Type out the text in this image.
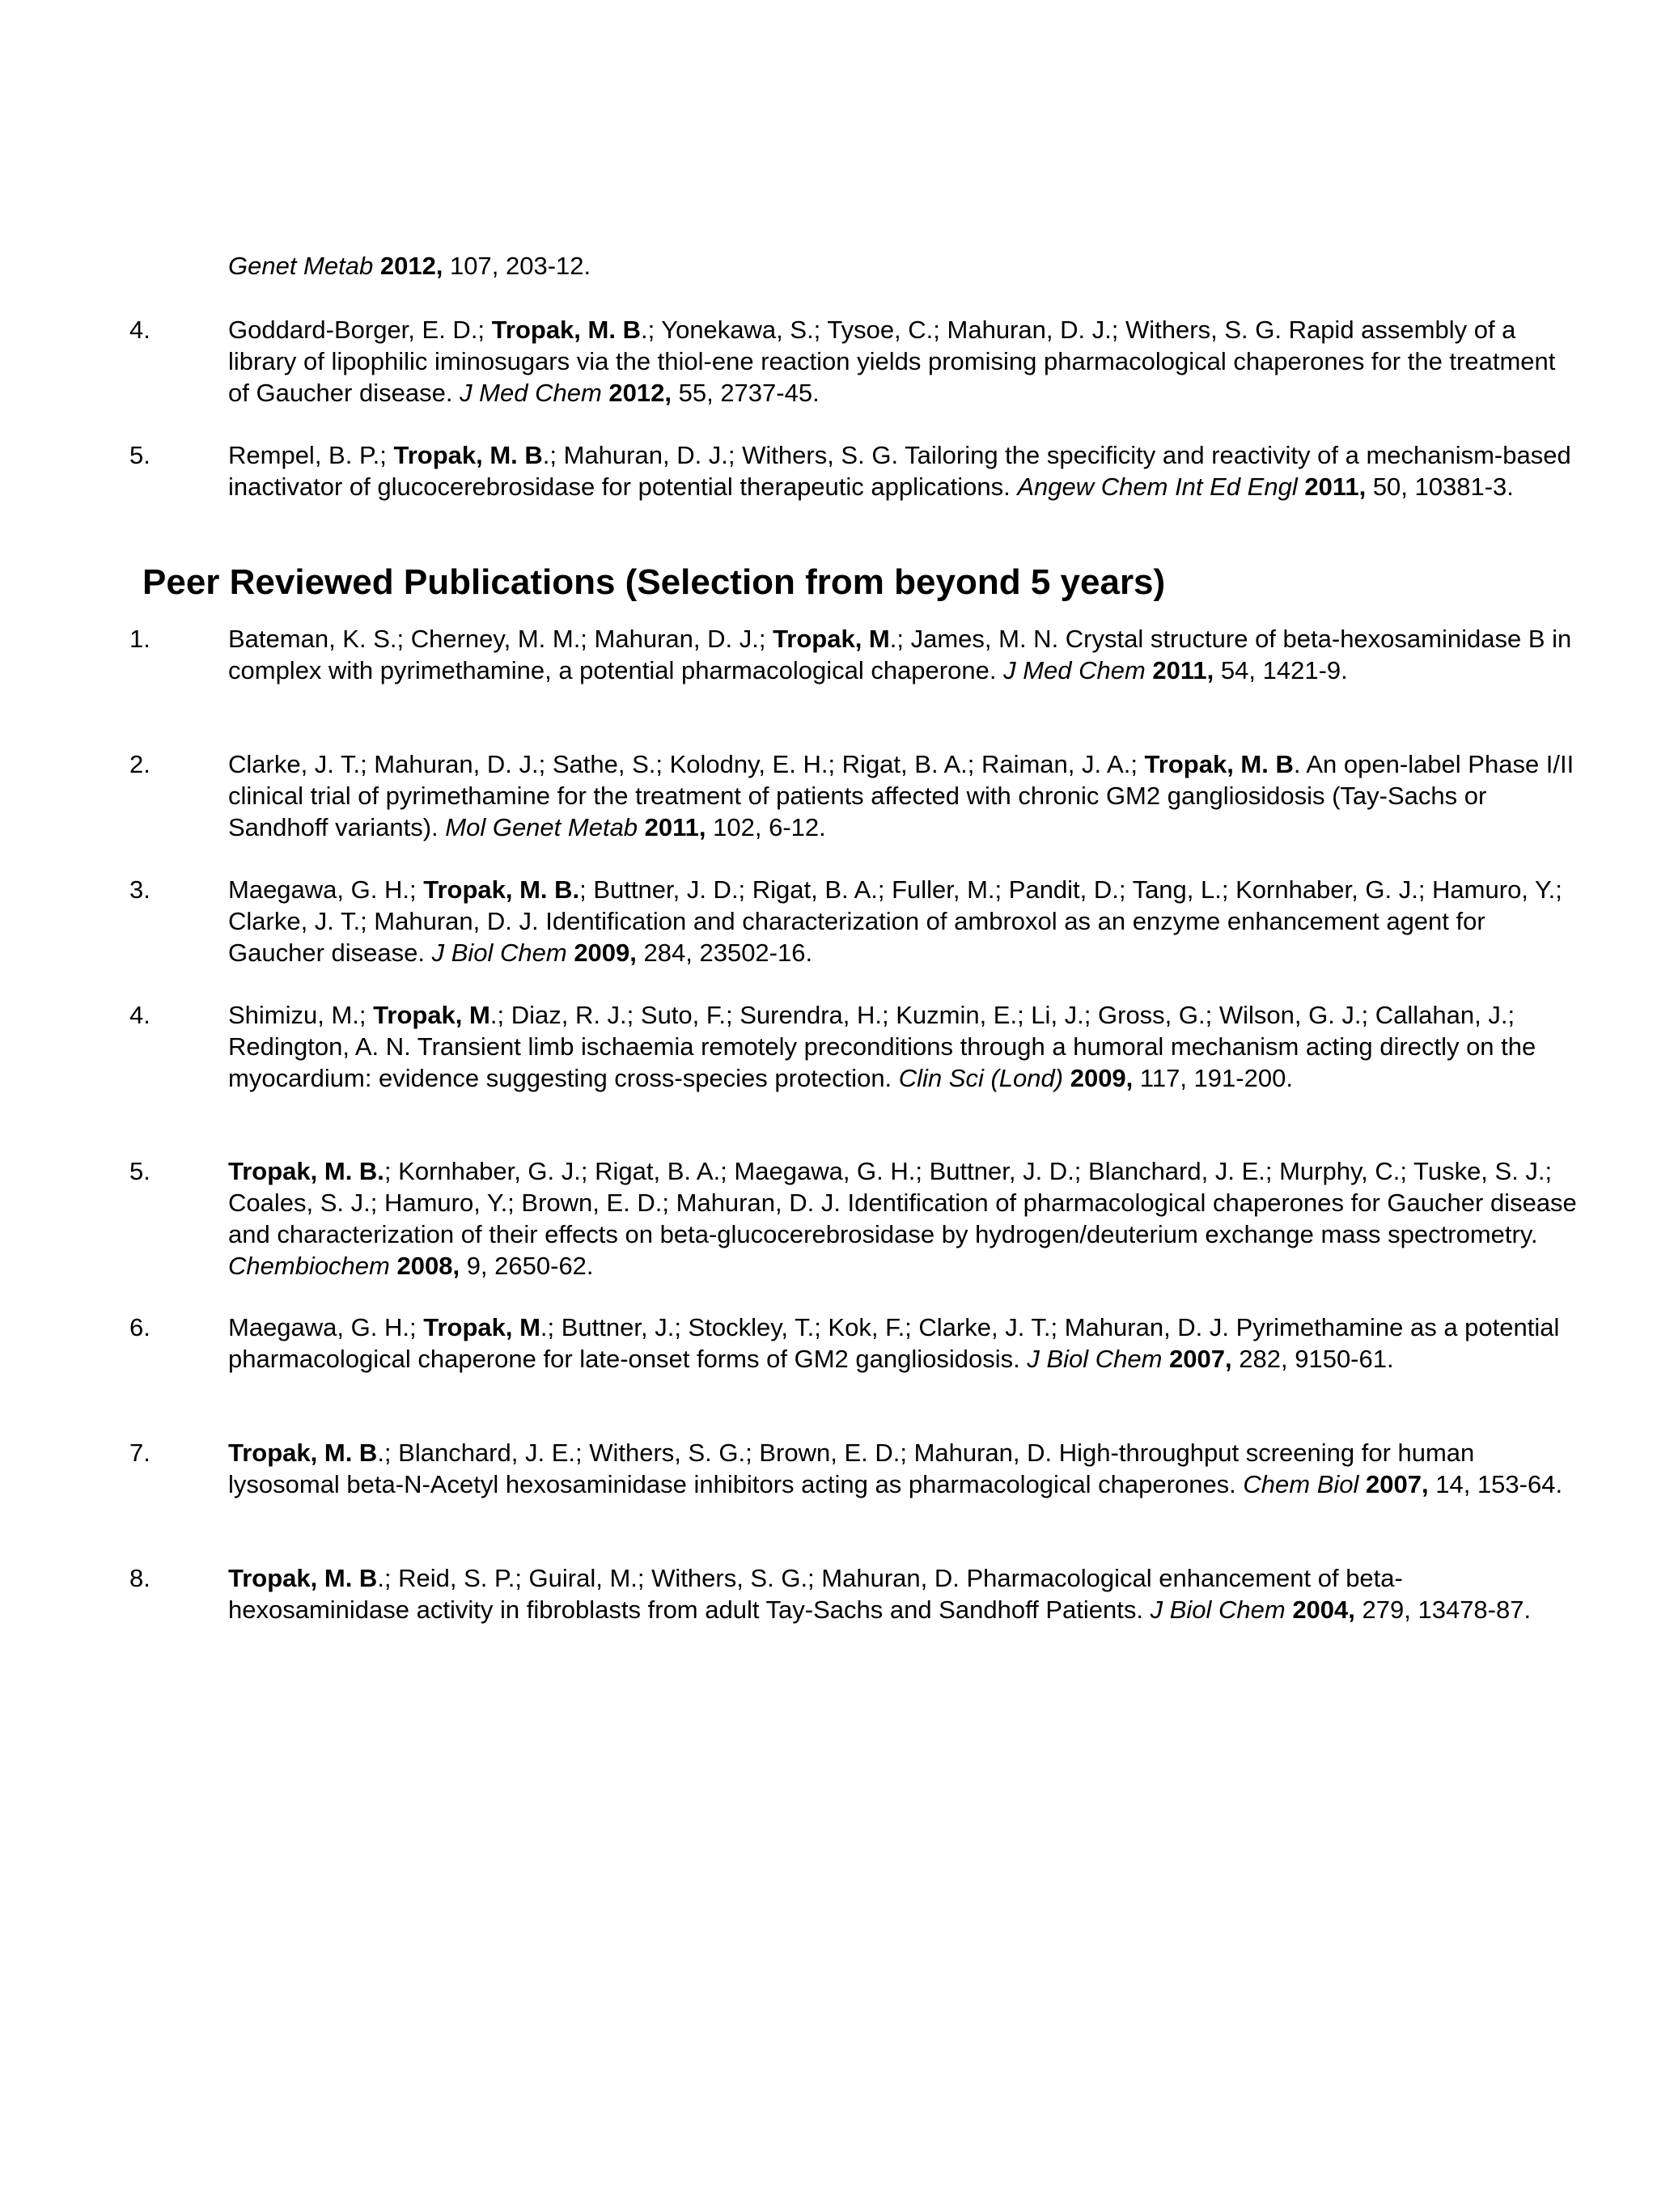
Genet Metab 2012, 107, 203-12.
4.	Goddard-Borger, E. D.; Tropak, M. B.; Yonekawa, S.; Tysoe, C.; Mahuran, D. J.; Withers, S. G. Rapid assembly of a library of lipophilic iminosugars via the thiol-ene reaction yields promising pharmacological chaperones for the treatment of Gaucher disease. J Med Chem 2012, 55, 2737-45.
5.	Rempel, B. P.; Tropak, M. B.; Mahuran, D. J.; Withers, S. G. Tailoring the specificity and reactivity of a mechanism-based inactivator of glucocerebrosidase for potential therapeutic applications. Angew Chem Int Ed Engl 2011, 50, 10381-3.
Peer Reviewed Publications (Selection from beyond 5 years)
1.	Bateman, K. S.; Cherney, M. M.; Mahuran, D. J.; Tropak, M.; James, M. N. Crystal structure of beta-hexosaminidase B in complex with pyrimethamine, a potential pharmacological chaperone. J Med Chem 2011, 54, 1421-9.
2.	Clarke, J. T.; Mahuran, D. J.; Sathe, S.; Kolodny, E. H.; Rigat, B. A.; Raiman, J. A.; Tropak, M. B. An open-label Phase I/II clinical trial of pyrimethamine for the treatment of patients affected with chronic GM2 gangliosidosis (Tay-Sachs or Sandhoff variants). Mol Genet Metab 2011, 102, 6-12.
3.	Maegawa, G. H.; Tropak, M. B.; Buttner, J. D.; Rigat, B. A.; Fuller, M.; Pandit, D.; Tang, L.; Kornhaber, G. J.; Hamuro, Y.; Clarke, J. T.; Mahuran, D. J. Identification and characterization of ambroxol as an enzyme enhancement agent for Gaucher disease. J Biol Chem 2009, 284, 23502-16.
4.	Shimizu, M.; Tropak, M.; Diaz, R. J.; Suto, F.; Surendra, H.; Kuzmin, E.; Li, J.; Gross, G.; Wilson, G. J.; Callahan, J.; Redington, A. N. Transient limb ischaemia remotely preconditions through a humoral mechanism acting directly on the myocardium: evidence suggesting cross-species protection. Clin Sci (Lond) 2009, 117, 191-200.
5.	Tropak, M. B.; Kornhaber, G. J.; Rigat, B. A.; Maegawa, G. H.; Buttner, J. D.; Blanchard, J. E.; Murphy, C.; Tuske, S. J.; Coales, S. J.; Hamuro, Y.; Brown, E. D.; Mahuran, D. J. Identification of pharmacological chaperones for Gaucher disease and characterization of their effects on beta-glucocerebrosidase by hydrogen/deuterium exchange mass spectrometry. Chembiochem 2008, 9, 2650-62.
6.	Maegawa, G. H.; Tropak, M.; Buttner, J.; Stockley, T.; Kok, F.; Clarke, J. T.; Mahuran, D. J. Pyrimethamine as a potential pharmacological chaperone for late-onset forms of GM2 gangliosidosis. J Biol Chem 2007, 282, 9150-61.
7.	Tropak, M. B.; Blanchard, J. E.; Withers, S. G.; Brown, E. D.; Mahuran, D. High-throughput screening for human lysosomal beta-N-Acetyl hexosaminidase inhibitors acting as pharmacological chaperones. Chem Biol 2007, 14, 153-64.
8.	Tropak, M. B.; Reid, S. P.; Guiral, M.; Withers, S. G.; Mahuran, D. Pharmacological enhancement of beta-hexosaminidase activity in fibroblasts from adult Tay-Sachs and Sandhoff Patients. J Biol Chem 2004, 279, 13478-87.
